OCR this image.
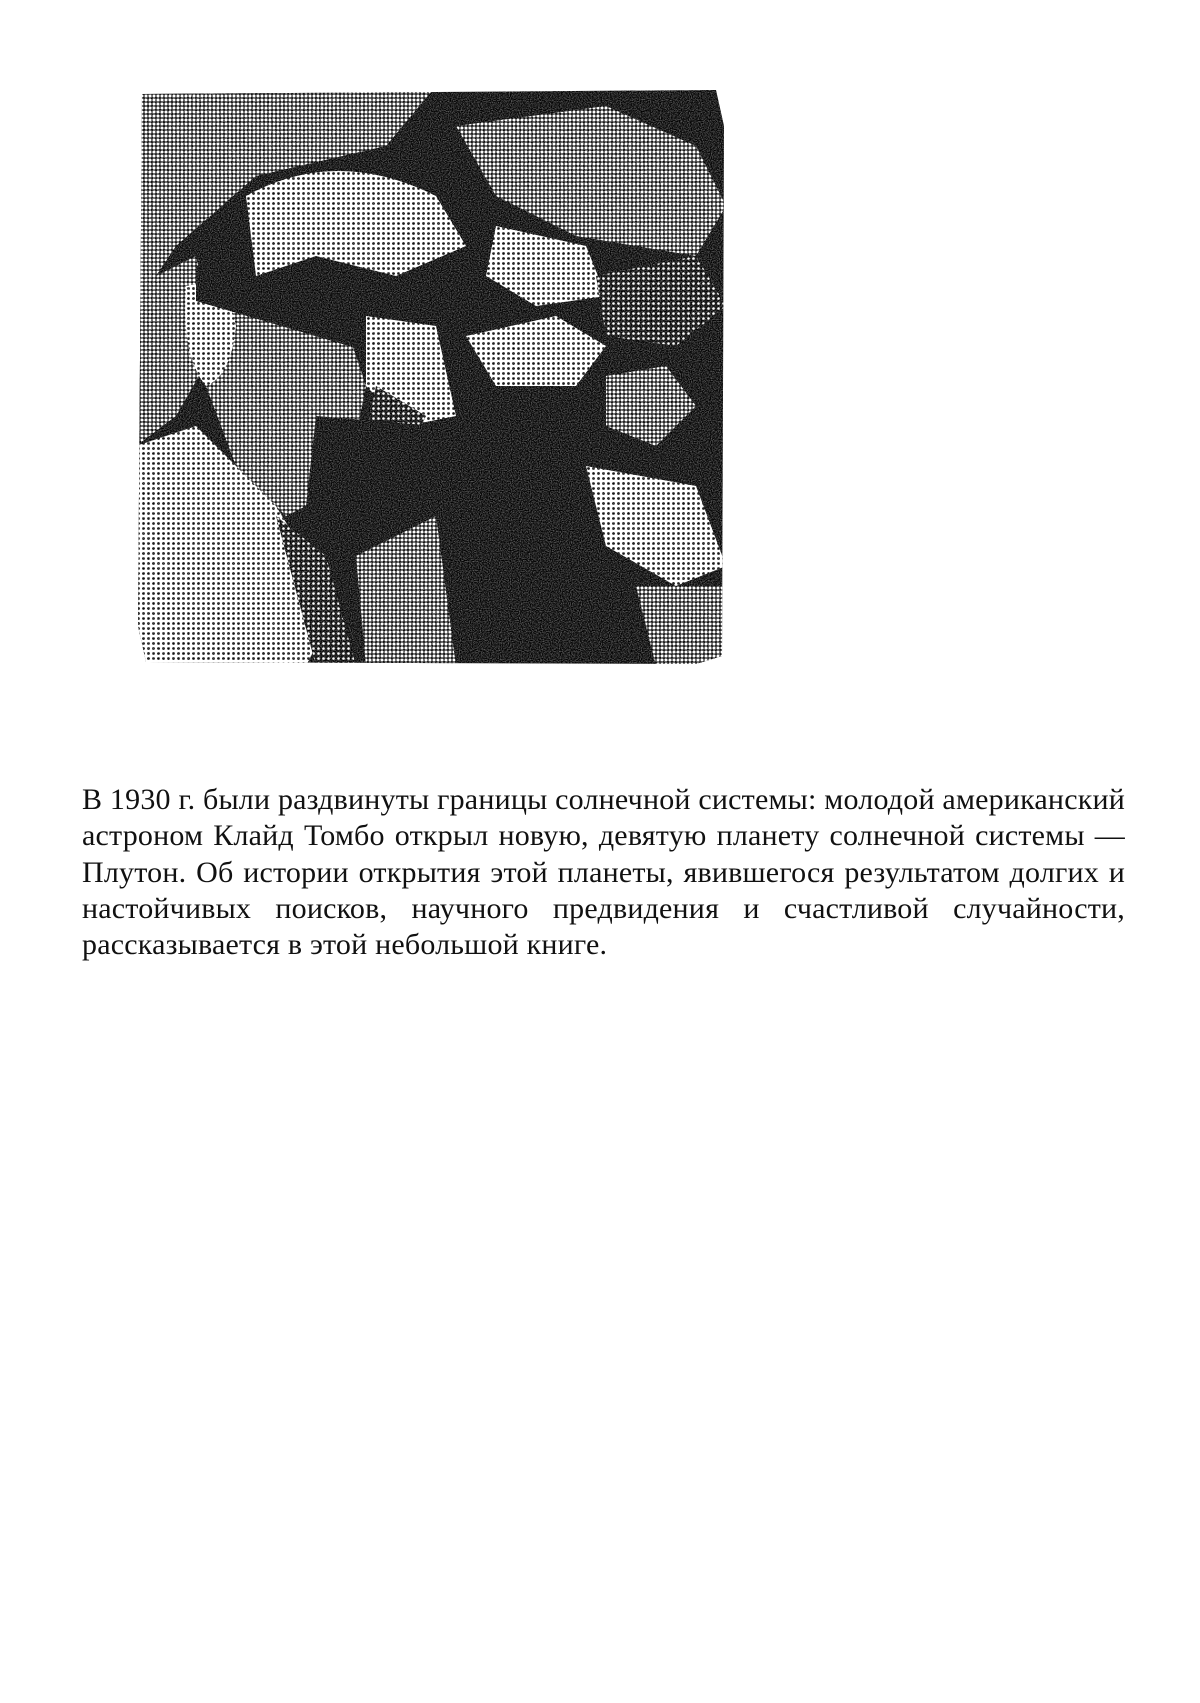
В 1930 г. были раздвинуты границы солнечной системы: молодой американский астроном Клайд Томбо открыл новую, девятую планету солнечной системы — Плутон. Об истории открытия этой планеты, явившегося результатом долгих и настойчивых поисков, научного предвидения и счастливой случайности, рассказывается в этой небольшой книге.
